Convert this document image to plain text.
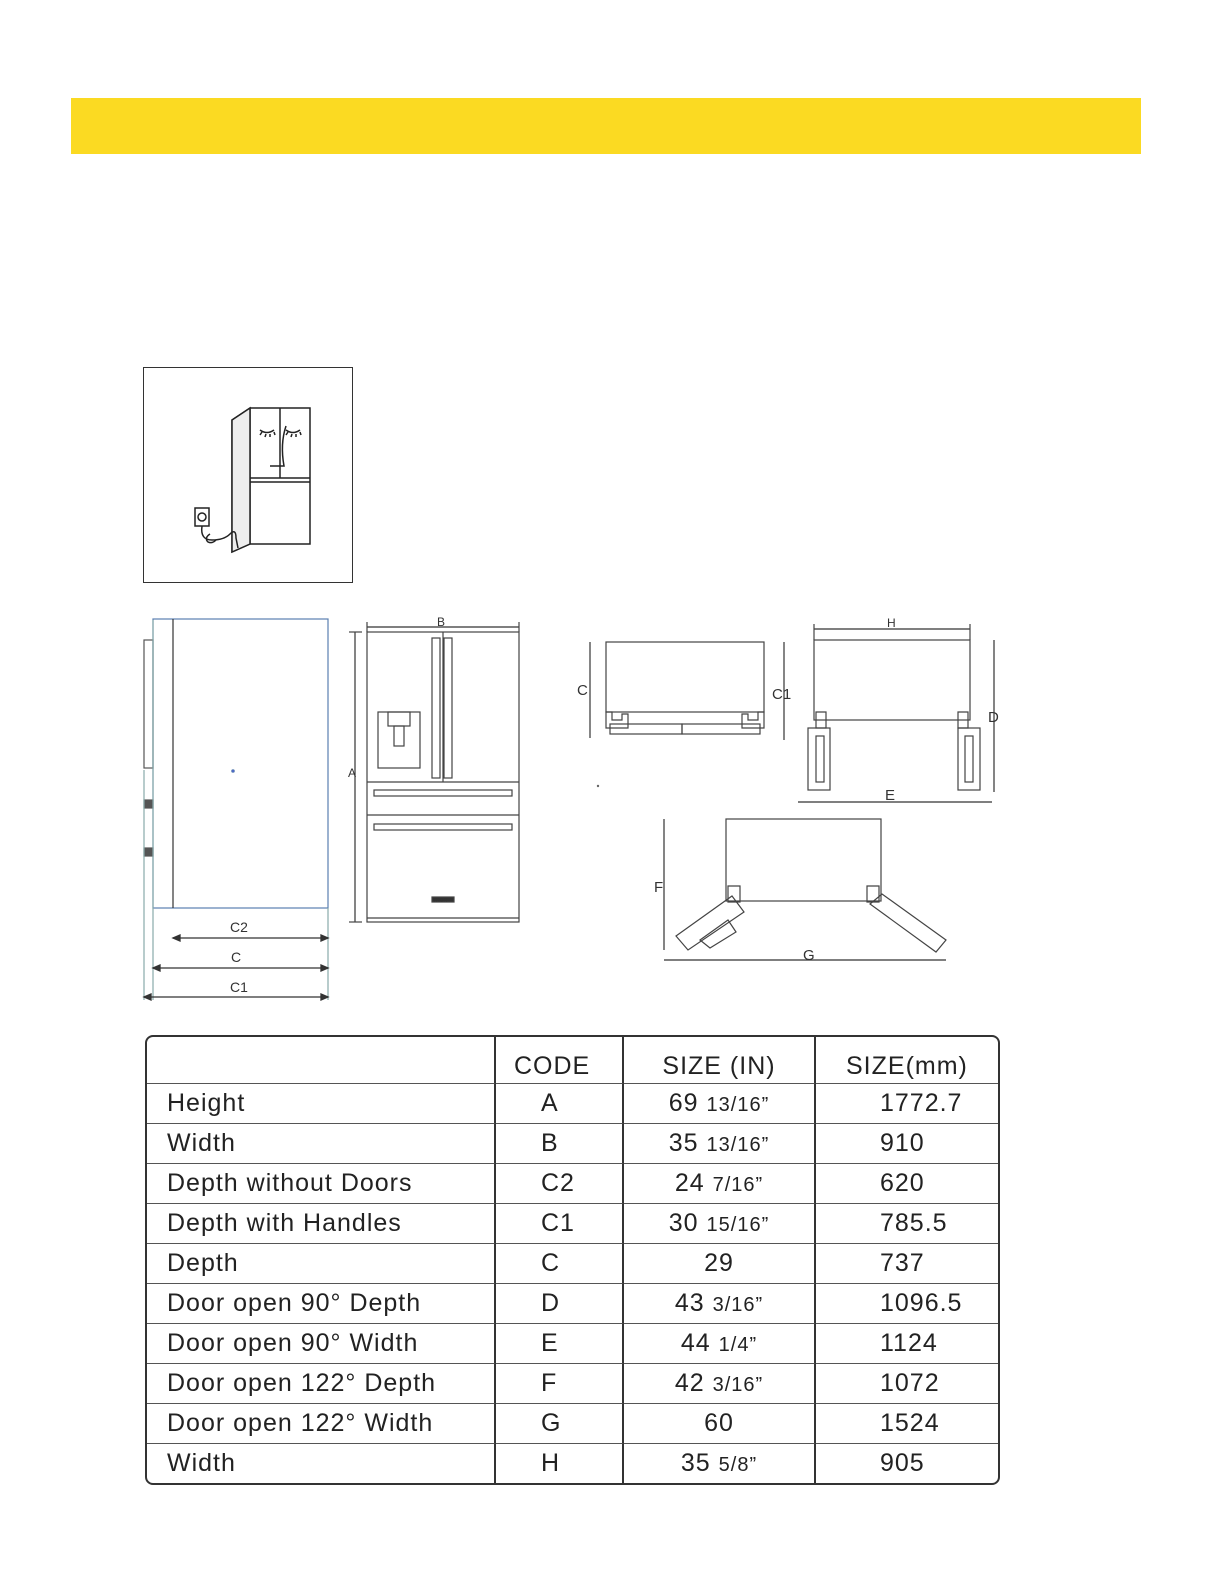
C2
C
C1
B
A
THOR
C	C1
H
D
E
F
G
	CODE	SIZE (IN)	SIZE(mm)
Height	A	69 13/16”	1772.7
Width	B	35 13/16”	910
Depth without Doors	C2	24 7/16”	620
Depth with Handles	C1	30 15/16”	785.5
Depth	C	29	737
Door open 90° Depth	D	43 3/16”	1096.5
Door open 90° Width	E	44 1/4”	1124
Door open 122° Depth	F	42 3/16”	1072
Door open 122° Width	G	60	1524
Width	H	35 5/8”	905
